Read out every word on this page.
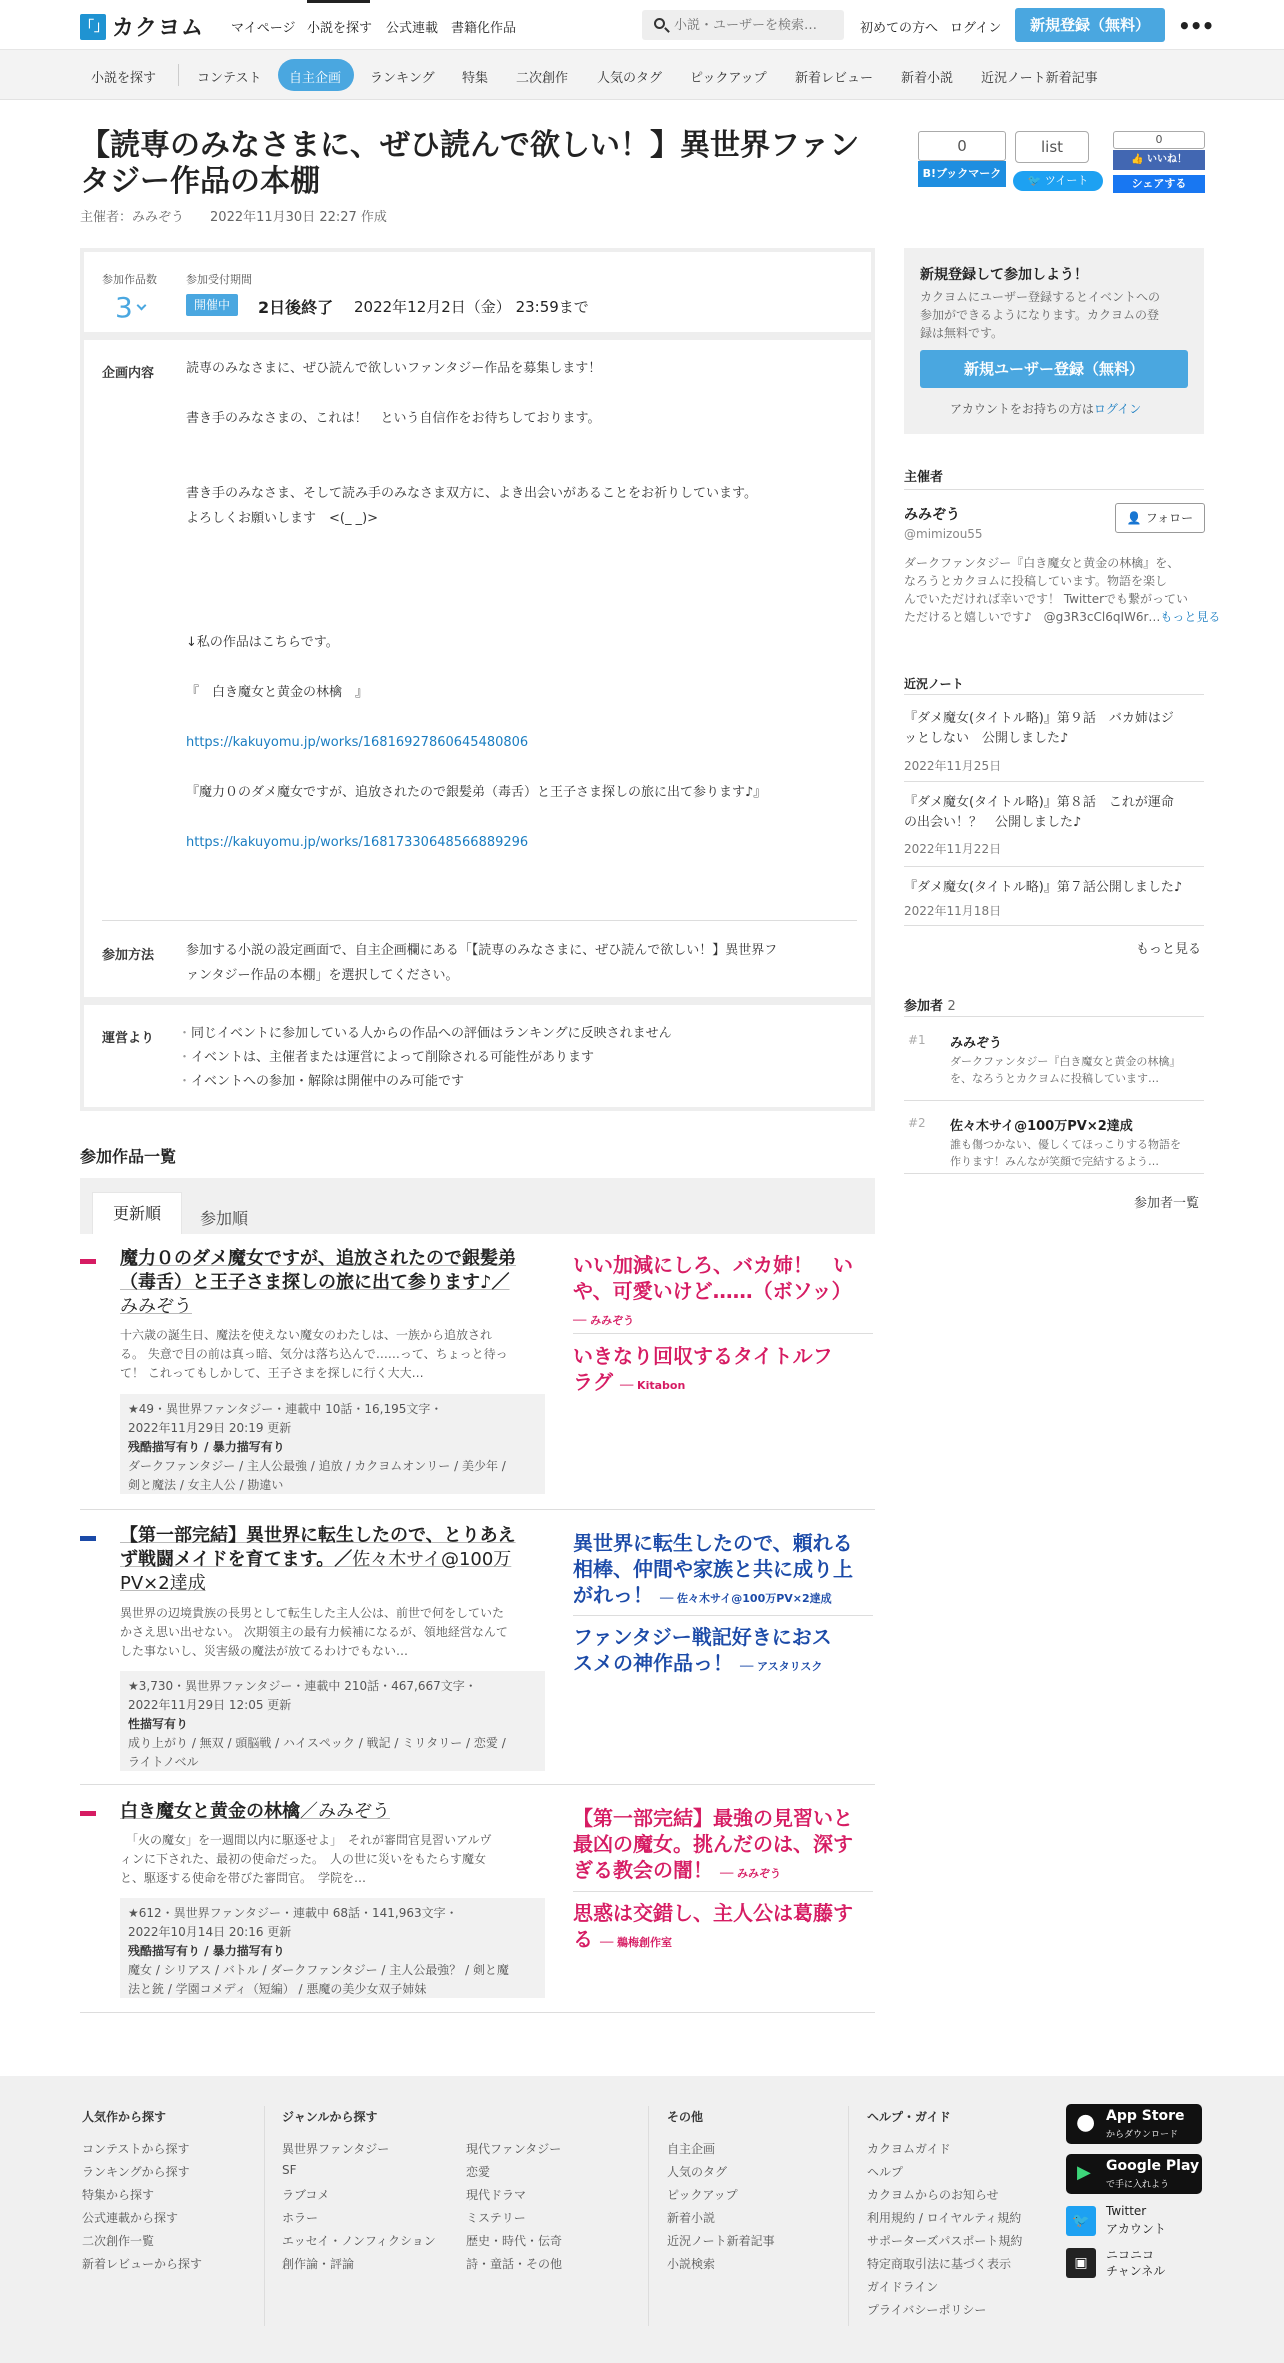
「」 カクヨム マイページ 小説を探す 公式連載 書籍化作品
小説・ユーザーを検索…	初めての方へ ログイン	新規登録（無料）	•••
小説を探す	コンテスト 自主企画 ランキング 特集 二次創作 人気のタグ ピックアップ 新着レビュー 新着小説 近況ノート新着記事
【読専のみなさまに、ぜひ読んで欲しい！】異世界ファンタジー作品の本棚
主催者：みみぞう　　 2022年11月30日 22:27 作成
0
B!ブックマーク
list
🐦 ツイート
0
👍 いいね！
シェアする
参加作品数
3
参加受付期間
開催中	2日後終了 2022年12月2日（金） 23:59まで
企画内容 読専のみなさまに、ぜひ読んで欲しいファンタジー作品を募集します！
書き手のみなさまの、これは！　という自信作をお待ちしております。
書き手のみなさま、そして読み手のみなさま双方に、よき出会いがあることをお祈りしています。
よろしくお願いします　<(_ _)>
↓私の作品はこちらです。
『　白き魔女と黄金の林檎　』
https://kakuyomu.jp/works/16816927860645480806
『魔力０のダメ魔女ですが、追放されたので銀髪弟（毒舌）と王子さま探しの旅に出て参ります♪』
https://kakuyomu.jp/works/16817330648566889296
参加方法 参加する小説の設定画面で、自主企画欄にある「【読専のみなさまに、ぜひ読んで欲しい！】異世界フ
ァンタジー作品の本棚」を選択してください。
運営より ・同じイベントに参加している人からの作品への評価はランキングに反映されません
・イベントは、主催者または運営によって削除される可能性があります
・イベントへの参加・解除は開催中のみ可能です
新規登録して参加しよう！
カクヨムにユーザー登録するとイベントへの
参加ができるようになります。カクヨムの登
録は無料です。
新規ユーザー登録（無料）
アカウントをお持ちの方はログイン
主催者
みみぞう
@mimizou55
👤 フォロー
ダークファンタジー『白き魔女と黄金の林檎』を、
なろうとカクヨムに投稿しています。物語を楽し
んでいただければ幸いです！ Twitterでも繋がってい
ただけると嬉しいです♪　@g3R3cCl6qIW6r…もっと見る
近況ノート
『ダメ魔女(タイトル略)』第９話　バカ姉はジ
ッとしない　公開しました♪
2022年11月25日
『ダメ魔女(タイトル略)』第８話　これが運命
の出会い！？　公開しました♪
2022年11月22日
『ダメ魔女(タイトル略)』第７話公開しました♪
2022年11月18日
もっと見る
参加者 2
#1 みみぞう
ダークファンタジー『白き魔女と黄金の林檎』
を、なろうとカクヨムに投稿しています…
#2 佐々木サイ@100万PV×2達成
誰も傷つかない、優しくてほっこりする物語を
作ります！みんなが笑顔で完結するよう…
参加者一覧
参加作品一覧
更新順	参加順
魔力０のダメ魔女ですが、追放されたので銀髪弟
（毒舌）と王子さま探しの旅に出て参ります♪／
みみぞう
十六歳の誕生日、魔法を使えない魔女のわたしは、一族から追放され
る。 失意で目の前は真っ暗、気分は落ち込んで……って、ちょっと待っ
て！ これってもしかして、王子さまを探しに行く大大…
★49・異世界ファンタジー・連載中 10話・16,195文字・
2022年11月29日 20:19 更新
残酷描写有り / 暴力描写有り
ダークファンタジー / 主人公最強 / 追放 / カクヨムオンリー / 美少年 /
剣と魔法 / 女主人公 / 勘違い
いい加減にしろ、バカ姉！　い
や、可愛いけど……（ボソッ）
── みみぞう
いきなり回収するタイトルフ
ラグ ── Kitabon
【第一部完結】異世界に転生したので、とりあえ
ず戦闘メイドを育てます。／佐々木サイ@100万
PV×2達成
異世界の辺境貴族の長男として転生した主人公は、前世で何をしていた
かさえ思い出せない。 次期領主の最有力候補になるが、領地経営なんて
した事ないし、災害級の魔法が放てるわけでもない…
★3,730・異世界ファンタジー・連載中 210話・467,667文字・
2022年11月29日 12:05 更新
性描写有り
成り上がり / 無双 / 頭脳戦 / ハイスペック / 戦記 / ミリタリー / 恋愛 /
ライトノベル
異世界に転生したので、頼れる
相棒、仲間や家族と共に成り上
がれっ！ ── 佐々木サイ@100万PV×2達成
ファンタジー戦記好きにおス
スメの神作品っ！ ── アスタリスク
白き魔女と黄金の林檎／みみぞう
　「火の魔女」を一週間以内に駆逐せよ」　それが審問官見習いアルヴ
ィンに下された、最初の使命だった。　人の世に災いをもたらす魔女
と、駆逐する使命を帯びた審問官。　学院を…
★612・異世界ファンタジー・連載中 68話・141,963文字・
2022年10月14日 20:16 更新
残酷描写有り / 暴力描写有り
魔女 / シリアス / バトル / ダークファンタジー / 主人公最強？ / 剣と魔
法と銃 / 学園コメディ（短編） / 悪魔の美少女双子姉妹
【第一部完結】最強の見習いと
最凶の魔女。挑んだのは、深す
ぎる教会の闇！ ── みみぞう
思惑は交錯し、主人公は葛藤す
る ── 鵜梅創作室
人気作から探す
コンテストから探す
ランキングから探す
特集から探す
公式連載から探す
二次創作一覧
新着レビューから探す
ジャンルから探す
異世界ファンタジー
SF
ラブコメ
ホラー
エッセイ・ノンフィクション
創作論・評論
現代ファンタジー
恋愛
現代ドラマ
ミステリー
歴史・時代・伝奇
詩・童話・その他
その他
自主企画
人気のタグ
ピックアップ
新着小説
近況ノート新着記事
小説検索
ヘルプ・ガイド
カクヨムガイド
ヘルプ
カクヨムからのお知らせ
利用規約 / ロイヤルティ規約
サポーターズパスポート規約
特定商取引法に基づく表示
ガイドライン
プライバシーポリシー
● App Store
からダウンロード
▶ Google Play
で手に入れよう
🐦
Twitter
アカウント
▣	ニコニコ
チャンネル
